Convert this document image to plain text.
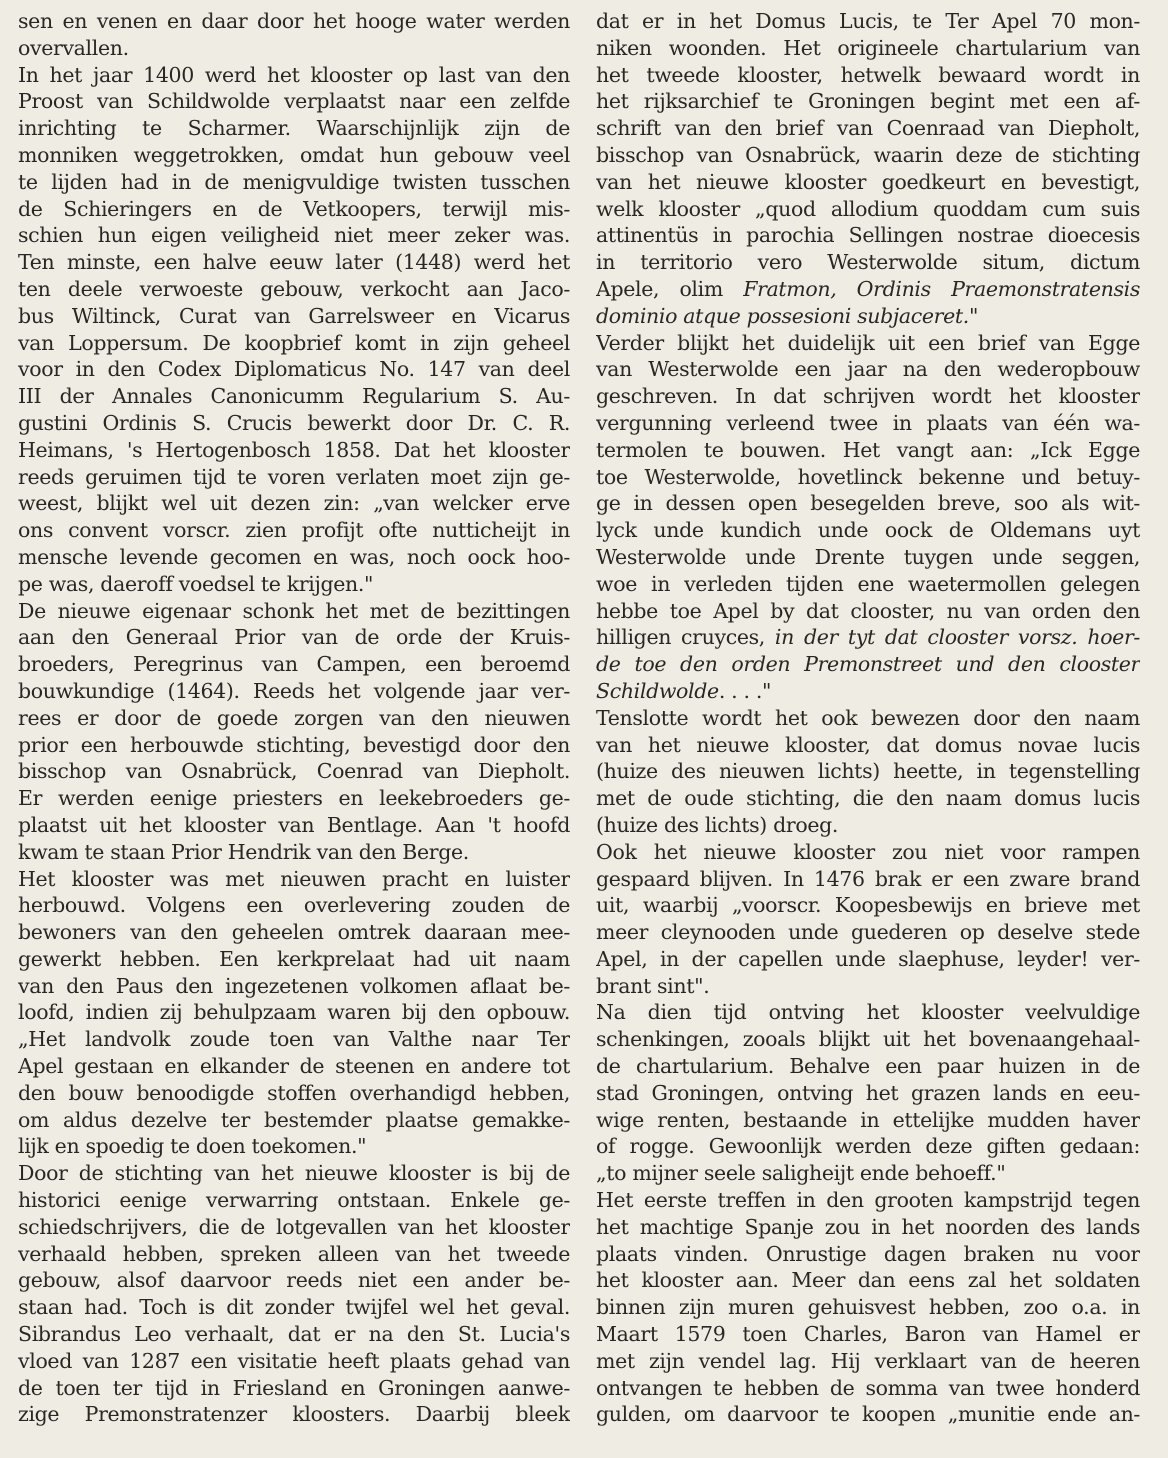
sen en venen en daar door het hooge water werden
overvallen.
In het jaar 1400 werd het klooster op last van den
Proost van Schildwolde verplaatst naar een zelfde
inrichting te Scharmer. Waarschijnlijk zijn de
monniken weggetrokken, omdat hun gebouw veel
te lijden had in de menigvuldige twisten tusschen
de Schieringers en de Vetkoopers, terwijl mis-
schien hun eigen veiligheid niet meer zeker was.
Ten minste, een halve eeuw later (1448) werd het
ten deele verwoeste gebouw, verkocht aan Jaco-
bus Wiltinck, Curat van Garrelsweer en Vicarus
van Loppersum. De koopbrief komt in zijn geheel
voor in den Codex Diplomaticus No. 147 van deel
III der Annales Canonicumm Regularium S. Au-
gustini Ordinis S. Crucis bewerkt door Dr. C. R.
Heimans, 's Hertogenbosch 1858. Dat het klooster
reeds geruimen tijd te voren verlaten moet zijn ge-
weest, blijkt wel uit dezen zin: „van welcker erve
ons convent vorscr. zien profijt ofte nutticheijt in
mensche levende gecomen en was, noch oock hoo-
pe was, daeroff voedsel te krijgen."
De nieuwe eigenaar schonk het met de bezittingen
aan den Generaal Prior van de orde der Kruis-
broeders, Peregrinus van Campen, een beroemd
bouwkundige (1464). Reeds het volgende jaar ver-
rees er door de goede zorgen van den nieuwen
prior een herbouwde stichting, bevestigd door den
bisschop van Osnabrück, Coenrad van Diepholt.
Er werden eenige priesters en leekebroeders ge-
plaatst uit het klooster van Bentlage. Aan 't hoofd
kwam te staan Prior Hendrik van den Berge.
Het klooster was met nieuwen pracht en luister
herbouwd. Volgens een overlevering zouden de
bewoners van den geheelen omtrek daaraan mee-
gewerkt hebben. Een kerkprelaat had uit naam
van den Paus den ingezetenen volkomen aflaat be-
loofd, indien zij behulpzaam waren bij den opbouw.
„Het landvolk zoude toen van Valthe naar Ter
Apel gestaan en elkander de steenen en andere tot
den bouw benoodigde stoffen overhandigd hebben,
om aldus dezelve ter bestemder plaatse gemakke-
lijk en spoedig te doen toekomen."
Door de stichting van het nieuwe klooster is bij de
historici eenige verwarring ontstaan. Enkele ge-
schiedschrijvers, die de lotgevallen van het klooster
verhaald hebben, spreken alleen van het tweede
gebouw, alsof daarvoor reeds niet een ander be-
staan had. Toch is dit zonder twijfel wel het geval.
Sibrandus Leo verhaalt, dat er na den St. Lucia's
vloed van 1287 een visitatie heeft plaats gehad van
de toen ter tijd in Friesland en Groningen aanwe-
zige Premonstratenzer kloosters. Daarbij bleek
dat er in het Domus Lucis, te Ter Apel 70 mon-
niken woonden. Het origineele chartularium van
het tweede klooster, hetwelk bewaard wordt in
het rijksarchief te Groningen begint met een af-
schrift van den brief van Coenraad van Diepholt,
bisschop van Osnabrück, waarin deze de stichting
van het nieuwe klooster goedkeurt en bevestigt,
welk klooster „quod allodium quoddam cum suis
attinentüs in parochia Sellingen nostrae dioecesis
in territorio vero Westerwolde situm, dictum
Apele, olim Fratmon, Ordinis Praemonstratensis
dominio atque possesioni subjaceret."
Verder blijkt het duidelijk uit een brief van Egge
van Westerwolde een jaar na den wederopbouw
geschreven. In dat schrijven wordt het klooster
vergunning verleend twee in plaats van één wa-
termolen te bouwen. Het vangt aan: „Ick Egge
toe Westerwolde, hovetlinck bekenne und betuy-
ge in dessen open besegelden breve, soo als wit-
lyck unde kundich unde oock de Oldemans uyt
Westerwolde unde Drente tuygen unde seggen,
woe in verleden tijden ene waetermollen gelegen
hebbe toe Apel by dat clooster, nu van orden den
hilligen cruyces, in der tyt dat clooster vorsz. hoer-
de toe den orden Premonstreet und den clooster
Schildwolde. . . ."
Tenslotte wordt het ook bewezen door den naam
van het nieuwe klooster, dat domus novae lucis
(huize des nieuwen lichts) heette, in tegenstelling
met de oude stichting, die den naam domus lucis
(huize des lichts) droeg.
Ook het nieuwe klooster zou niet voor rampen
gespaard blijven. In 1476 brak er een zware brand
uit, waarbij „voorscr. Koopesbewijs en brieve met
meer cleynooden unde guederen op deselve stede
Apel, in der capellen unde slaephuse, leyder! ver-
brant sint".
Na dien tijd ontving het klooster veelvuldige
schenkingen, zooals blijkt uit het bovenaangehaal-
de chartularium. Behalve een paar huizen in de
stad Groningen, ontving het grazen lands en eeu-
wige renten, bestaande in ettelijke mudden haver
of rogge. Gewoonlijk werden deze giften gedaan:
„to mijner seele saligheijt ende behoeff."
Het eerste treffen in den grooten kampstrijd tegen
het machtige Spanje zou in het noorden des lands
plaats vinden. Onrustige dagen braken nu voor
het klooster aan. Meer dan eens zal het soldaten
binnen zijn muren gehuisvest hebben, zoo o.a. in
Maart 1579 toen Charles, Baron van Hamel er
met zijn vendel lag. Hij verklaart van de heeren
ontvangen te hebben de somma van twee honderd
gulden, om daarvoor te koopen „munitie ende an-
